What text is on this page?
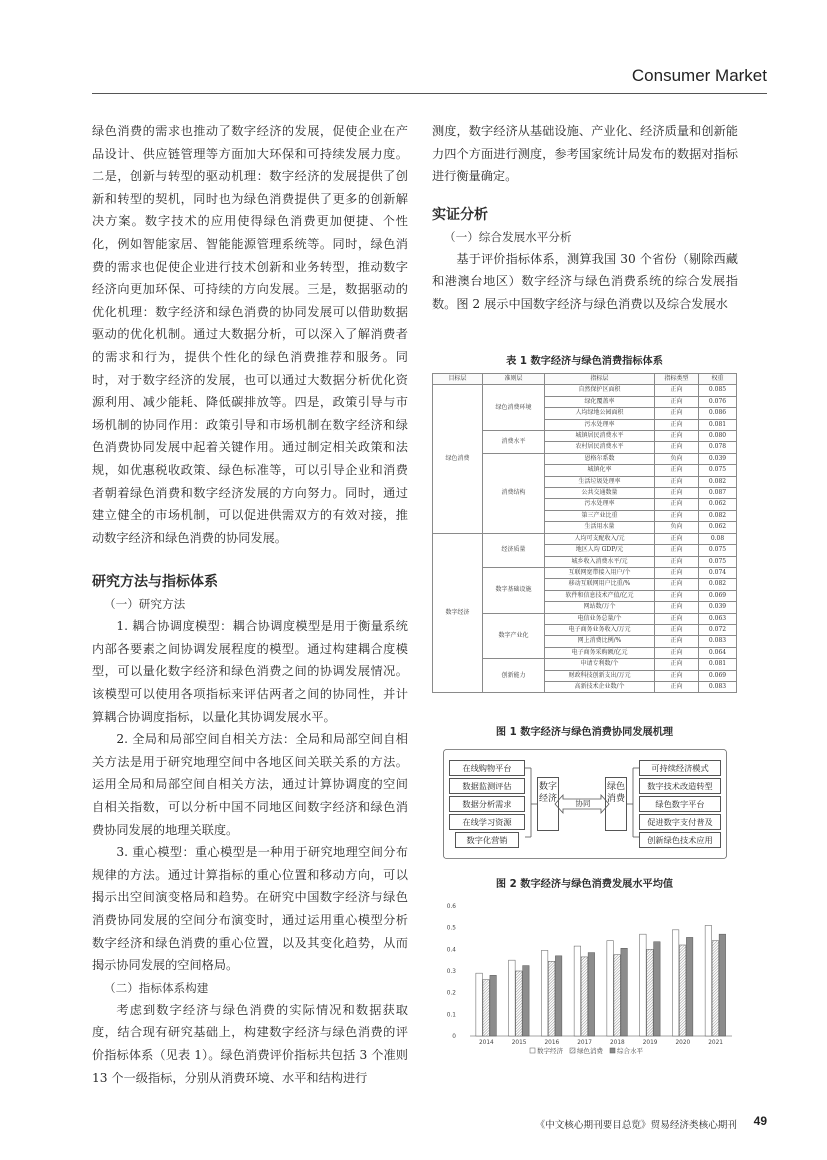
Consumer Market

绿色消费的需求也推动了数字经济的发展，促使企业在产品设计、供应链管理等方面加大环保和可持续发展力度。二是，创新与转型的驱动机理：数字经济的发展提供了创新和转型的契机，同时也为绿色消费提供了更多的创新解决方案。数字技术的应用使得绿色消费更加便捷、个性化，例如智能家居、智能能源管理系统等。同时，绿色消费的需求也促使企业进行技术创新和业务转型，推动数字经济向更加环保、可持续的方向发展。三是，数据驱动的优化机理：数字经济和绿色消费的协同发展可以借助数据驱动的优化机制。通过大数据分析，可以深入了解消费者的需求和行为，提供个性化的绿色消费推荐和服务。同时，对于数字经济的发展，也可以通过大数据分析优化资源利用、减少能耗、降低碳排放等。四是，政策引导与市场机制的协同作用：政策引导和市场机制在数字经济和绿色消费协同发展中起着关键作用。通过制定相关政策和法规，如优惠税收政策、绿色标准等，可以引导企业和消费者朝着绿色消费和数字经济发展的方向努力。同时，通过建立健全的市场机制，可以促进供需双方的有效对接，推动数字经济和绿色消费的协同发展。

研究方法与指标体系
（一）研究方法

1. 耦合协调度模型：耦合协调度模型是用于衡量系统内部各要素之间协调发展程度的模型。通过构建耦合度模型，可以量化数字经济和绿色消费之间的协调发展情况。该模型可以使用各项指标来评估两者之间的协同性，并计算耦合协调度指标，以量化其协调发展水平。

2. 全局和局部空间自相关方法：全局和局部空间自相关方法是用于研究地理空间中各地区间关联关系的方法。运用全局和局部空间自相关方法，通过计算协调度的空间自相关指数，可以分析中国不同地区间数字经济和绿色消费协同发展的地理关联度。

3. 重心模型：重心模型是一种用于研究地理空间分布规律的方法。通过计算指标的重心位置和移动方向，可以揭示出空间演变格局和趋势。在研究中国数字经济与绿色消费协同发展的空间分布演变时，通过运用重心模型分析数字经济和绿色消费的重心位置，以及其变化趋势，从而揭示协同发展的空间格局。

（二）指标体系构建

考虑到数字经济与绿色消费的实际情况和数据获取度，结合现有研究基础上，构建数字经济与绿色消费的评价指标体系（见表 1）。绿色消费评价指标共包括 3 个准则 13 个一级指标，分别从消费环境、水平和结构进行

测度，数字经济从基础设施、产业化、经济质量和创新能力四个方面进行测度，参考国家统计局发布的数据对指标进行衡量确定。

实证分析
（一）综合发展水平分析

基于评价指标体系，测算我国 30 个省份（剔除西藏和港澳台地区）数字经济与绿色消费系统的综合发展指数。图 2 展示中国数字经济与绿色消费以及综合发展水

表 1 数字经济与绿色消费指标体系
目标层	准则层	指标层	指标类型	权重
绿色消费	绿色消费环境	自然保护区面积	正向	0.085
		绿化覆盖率	正向	0.076
		人均绿地公园面积	正向	0.086
		污水处理率	正向	0.081
	消费水平	城镇居民消费水平	正向	0.080
		农村居民消费水平	正向	0.078
	消费结构	恩格尔系数	负向	0.039
		城镇化率	正向	0.075
		生活垃圾处理率	正向	0.082
		公共交通数量	正向	0.087
		污水处理率	正向	0.062
		第三产业比重	正向	0.082
		生活用水量	负向	0.062
数字经济	经济质量	人均可支配收入/元	正向	0.08
		地区人均 GDP/元	正向	0.075
		城乡收入消费水平/元	正向	0.075
	数字基础设施	互联网宽带接入用户/个	正向	0.074
		移动互联网用户比重/%	正向	0.082
		软件和信息技术产值/亿元	正向	0.069
		网站数/万个	正向	0.039
	数字产业化	电信业务总量/个	正向	0.063
		电子商务业务收入/万元	正向	0.072
		网上消费比例/%	正向	0.083
		电子商务采购额/亿元	正向	0.064
	创新能力	申请专利数/个	正向	0.081
		财政科技创新支出/万元	正向	0.069
		高新技术企业数/个	正向	0.083
图 1 数字经济与绿色消费协同发展机理
在线购物平台
数据监测评估
数据分析需求
在线学习资源
数字化营销
数字经济	协同
绿色消费
可持续经济模式
数字技术改造转型
绿色数字平台
促进数字支付普及
创新绿色技术应用
图 2 数字经济与绿色消费发展水平均值
0
0.1
0.2
0.3
0.4
0.5
0.6
2014	2015	2016	2017	2018	2019	2020	2021
数字经济 绿色消费 综合水平
《中文核心期刊要目总览》贸易经济类核心期刊 49
